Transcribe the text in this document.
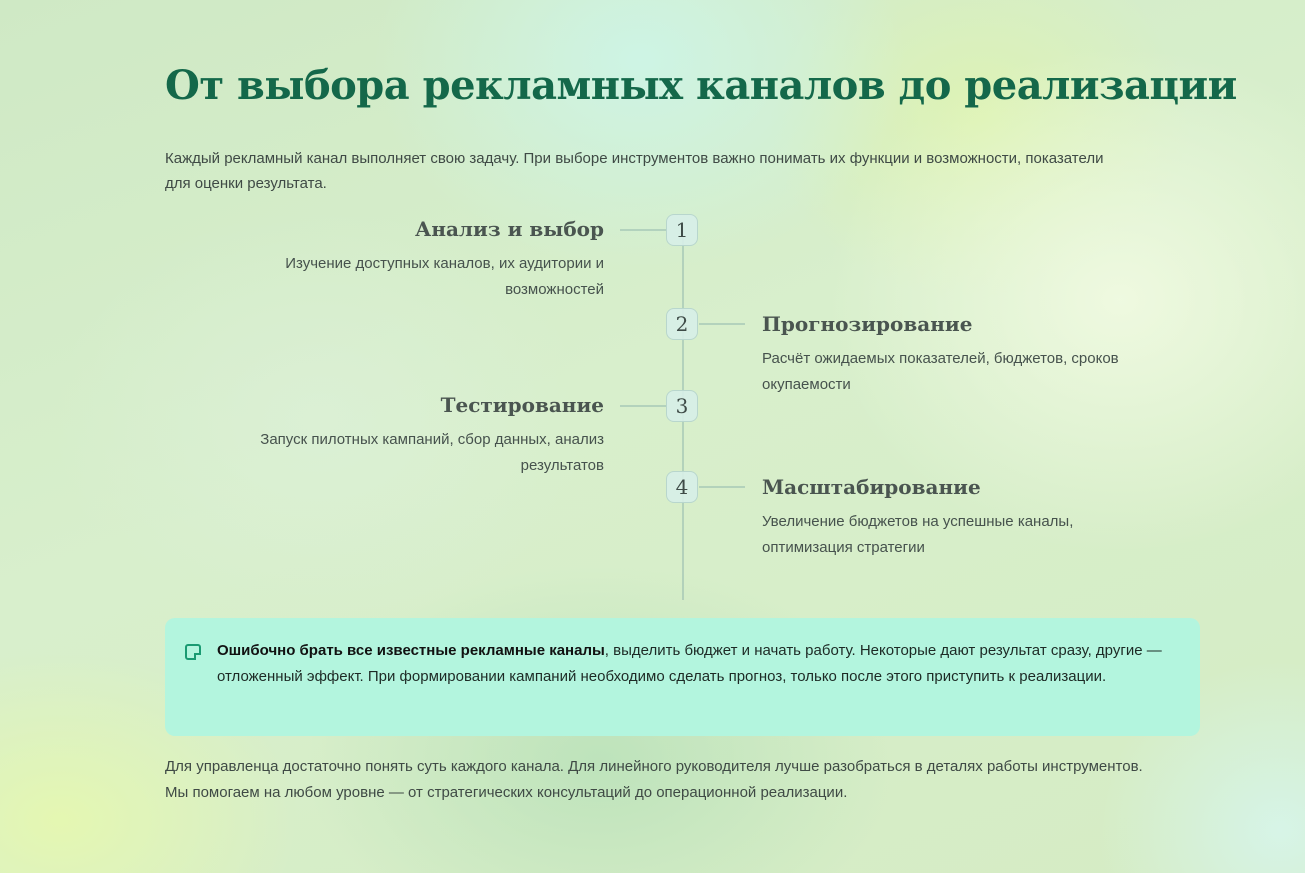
От выбора рекламных каналов до реализации

Каждый рекламный канал выполняет свою задачу. При выборе инструментов важно понимать их функции и возможности, показатели для оценки результата.

1
Анализ и выбор

Изучение доступных каналов, их аудитории и возможностей

2	Прогнозирование

Расчёт ожидаемых показателей, бюджетов, сроков окупаемости

3
Тестирование

Запуск пилотных кампаний, сбор данных, анализ результатов

4	Масштабирование

Увеличение бюджетов на успешные каналы, оптимизация стратегии

Ошибочно брать все известные рекламные каналы, выделить бюджет и начать работу. Некоторые дают результат сразу, другие — отложенный эффект. При формировании кампаний необходимо сделать прогноз, только после этого приступить к реализации.

Для управленца достаточно понять суть каждого канала. Для линейного руководителя лучше разобраться в деталях работы инструментов. Мы помогаем на любом уровне — от стратегических консультаций до операционной реализации.
